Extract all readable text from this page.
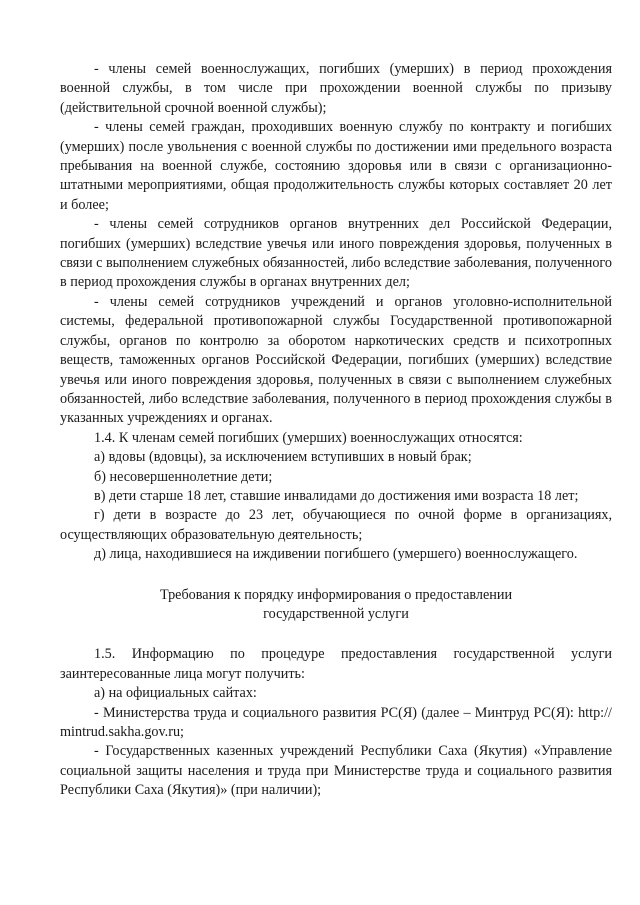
- члены семей военнослужащих, погибших (умерших) в период прохождения военной службы, в том числе при прохождении военной службы по призыву (действительной срочной военной службы);

- члены семей граждан, проходивших военную службу по контракту и погибших (умерших) после увольнения с военной службы по достижении ими предельного возраста пребывания на военной службе, состоянию здоровья или в связи с организационно-штатными мероприятиями, общая продолжительность службы которых составляет 20 лет и более;

- члены семей сотрудников органов внутренних дел Российской Федерации, погибших (умерших) вследствие увечья или иного повреждения здоровья, полученных в связи с выполнением служебных обязанностей, либо вследствие заболевания, полученного в период прохождения службы в органах внутренних дел;

- члены семей сотрудников учреждений и органов уголовно-исполнительной системы, федеральной противопожарной службы Государственной противопожарной службы, органов по контролю за оборотом наркотических средств и психотропных веществ, таможенных органов Российской Федерации, погибших (умерших) вследствие увечья или иного повреждения здоровья, полученных в связи с выполнением служебных обязанностей, либо вследствие заболевания, полученного в период прохождения службы в указанных учреждениях и органах.

1.4. К членам семей погибших (умерших) военнослужащих относятся:

а) вдовы (вдовцы), за исключением вступивших в новый брак;

б) несовершеннолетние дети;

в) дети старше 18 лет, ставшие инвалидами до достижения ими возраста 18 лет;

г) дети в возрасте до 23 лет, обучающиеся по очной форме в организациях, осуществляющих образовательную деятельность;

д) лица, находившиеся на иждивении погибшего (умершего) военнослужащего.

Требования к порядку информирования о предоставлении
государственной услуги

1.5. Информацию по процедуре предоставления государственной услуги заинтересованные лица могут получить:

а) на официальных сайтах:

- Министерства труда и социального развития РС(Я) (далее – Минтруд РС(Я): http:// mintrud.sakha.gov.ru;

- Государственных казенных учреждений Республики Саха (Якутия) «Управление социальной защиты населения и труда при Министерстве труда и социального развития Республики Саха (Якутия)» (при наличии);
